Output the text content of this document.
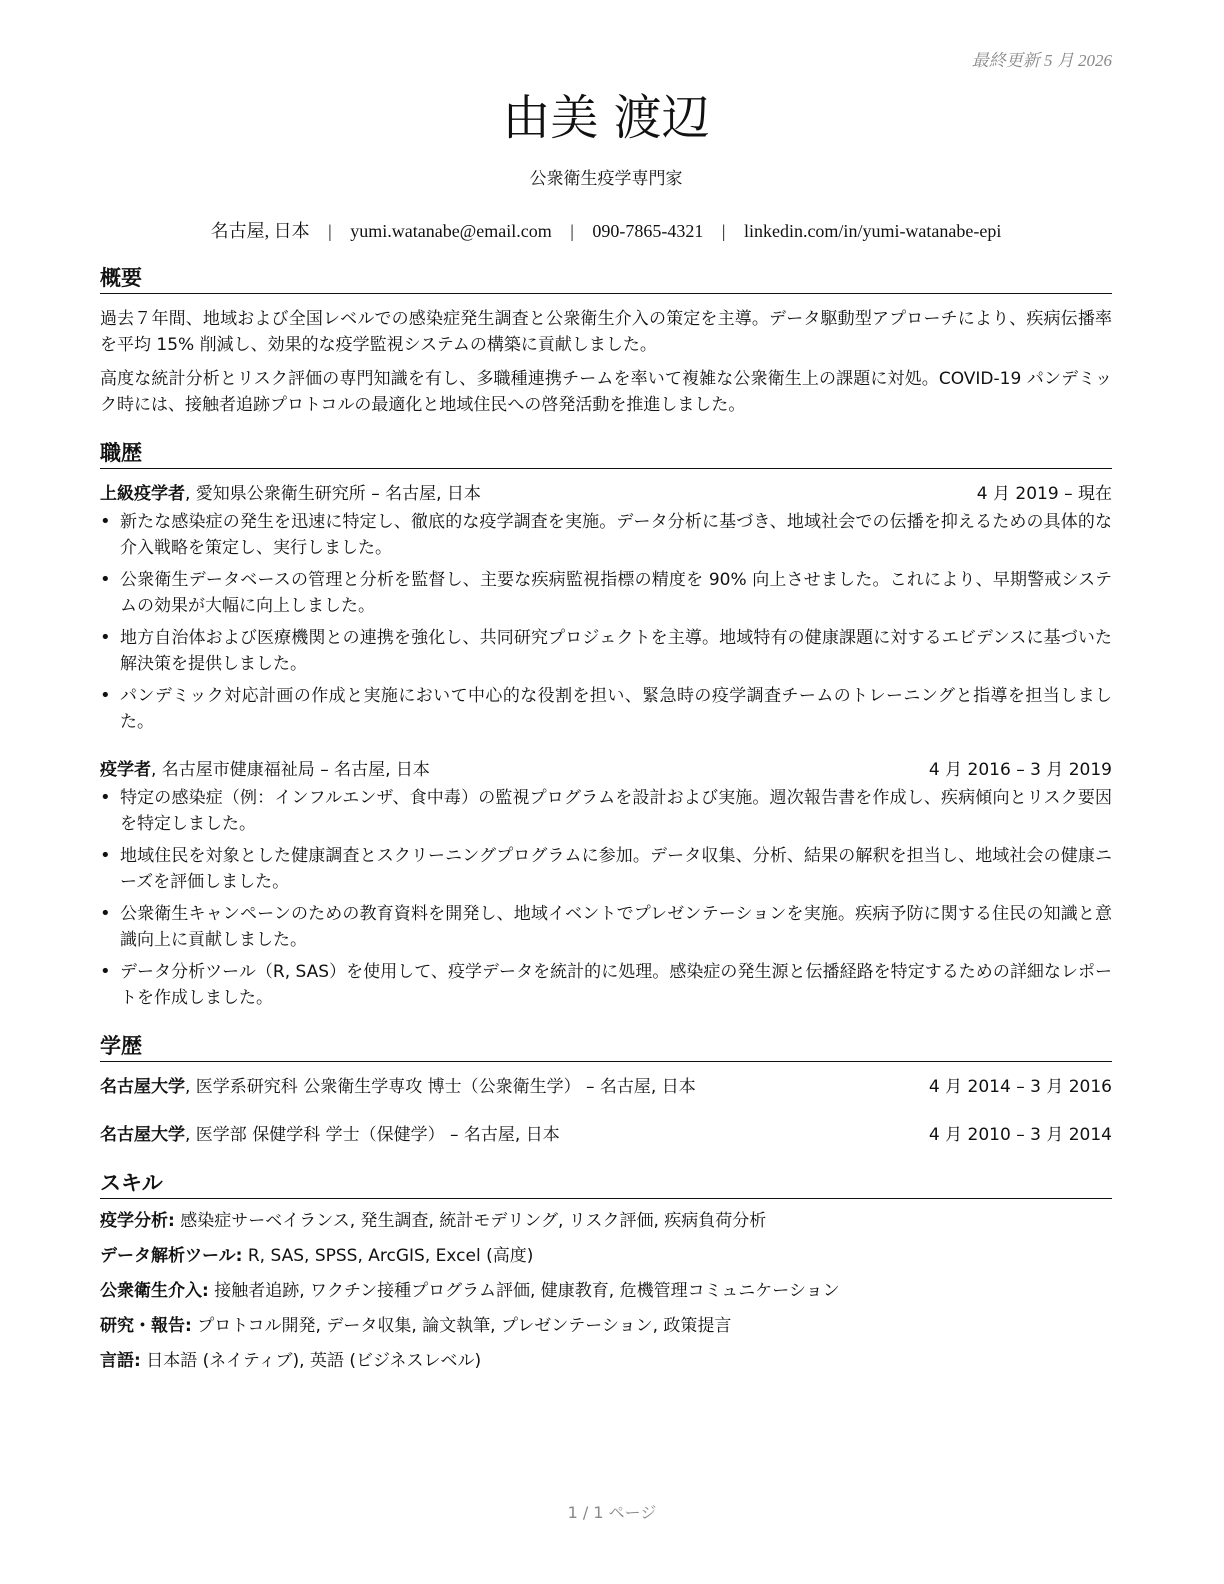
最終更新 5 月 2026
由美 渡辺
公衆衛生疫学専門家
名古屋, 日本 | yumi.watanabe@email.com | 090-7865-4321 | linkedin.com/in/yumi-watanabe-epi
概要
過去７年間、地域および全国レベルでの感染症発生調査と公衆衛生介入の策定を主導。データ駆動型アプローチにより、疾病伝播率を平均 15% 削減し、効果的な疫学監視システムの構築に貢献しました。
高度な統計分析とリスク評価の専門知識を有し、多職種連携チームを率いて複雑な公衆衛生上の課題に対処。COVID-19 パンデミック時には、接触者追跡プロトコルの最適化と地域住民への啓発活動を推進しました。
職歴
上級疫学者, 愛知県公衆衛生研究所 – 名古屋, 日本	4 月 2019 – 現在
• 新たな感染症の発生を迅速に特定し、徹底的な疫学調査を実施。データ分析に基づき、地域社会での伝播を抑えるための具体的な介入戦略を策定し、実行しました。
• 公衆衛生データベースの管理と分析を監督し、主要な疾病監視指標の精度を 90% 向上させました。これにより、早期警戒システムの効果が大幅に向上しました。
• 地方自治体および医療機関との連携を強化し、共同研究プロジェクトを主導。地域特有の健康課題に対するエビデンスに基づいた解決策を提供しました。
• パンデミック対応計画の作成と実施において中心的な役割を担い、緊急時の疫学調査チームのトレーニングと指導を担当しました。
疫学者, 名古屋市健康福祉局 – 名古屋, 日本	4 月 2016 – 3 月 2019
• 特定の感染症（例：インフルエンザ、食中毒）の監視プログラムを設計および実施。週次報告書を作成し、疾病傾向とリスク要因を特定しました。
• 地域住民を対象とした健康調査とスクリーニングプログラムに参加。データ収集、分析、結果の解釈を担当し、地域社会の健康ニーズを評価しました。
• 公衆衛生キャンペーンのための教育資料を開発し、地域イベントでプレゼンテーションを実施。疾病予防に関する住民の知識と意識向上に貢献しました。
• データ分析ツール（R, SAS）を使用して、疫学データを統計的に処理。感染症の発生源と伝播経路を特定するための詳細なレポートを作成しました。
学歴
名古屋大学, 医学系研究科 公衆衛生学専攻 博士（公衆衛生学） – 名古屋, 日本	4 月 2014 – 3 月 2016
名古屋大学, 医学部 保健学科 学士（保健学） – 名古屋, 日本	4 月 2010 – 3 月 2014
スキル
疫学分析: 感染症サーベイランス, 発生調査, 統計モデリング, リスク評価, 疾病負荷分析
データ解析ツール: R, SAS, SPSS, ArcGIS, Excel (高度)
公衆衛生介入: 接触者追跡, ワクチン接種プログラム評価, 健康教育, 危機管理コミュニケーション
研究・報告: プロトコル開発, データ収集, 論文執筆, プレゼンテーション, 政策提言
言語: 日本語 (ネイティブ), 英語 (ビジネスレベル)
1 / 1 ページ
